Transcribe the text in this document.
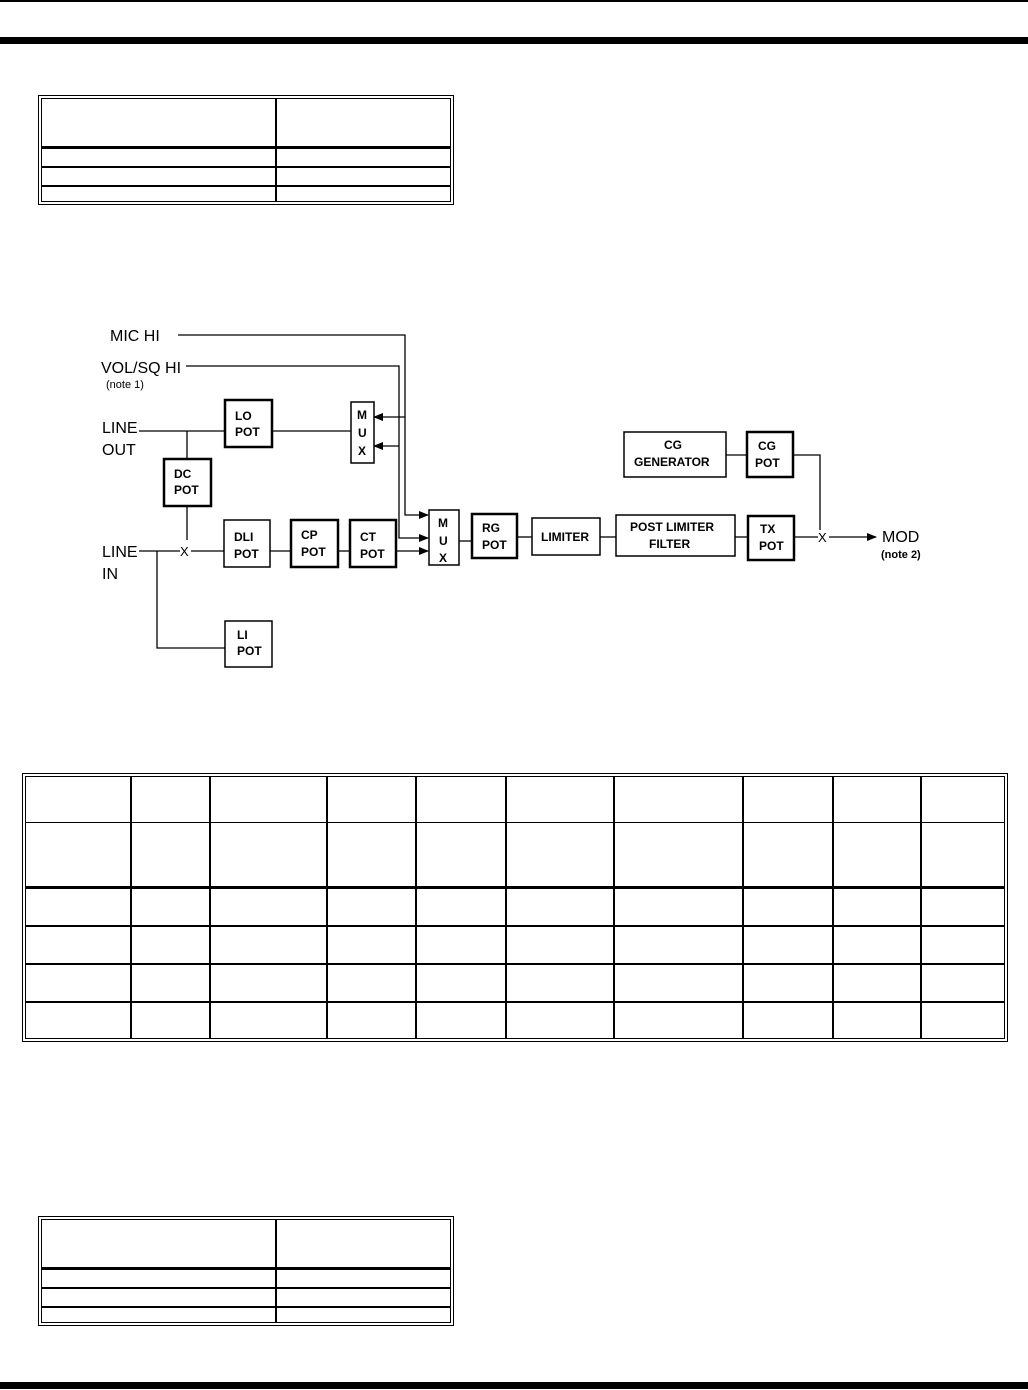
MIC HI
VOL/SQ HI
(note 1)
LINE
OUT
LINE
IN
LO
POT
DC
POT
DLI
POT
CP
POT
CT
POT
LI
POT
M
U
X
M
U
X
RG
POT
LIMITER
POST LIMITER
FILTER
TX
POT
CG
GENERATOR
CG
POT
X
X	MOD
(note 2)
